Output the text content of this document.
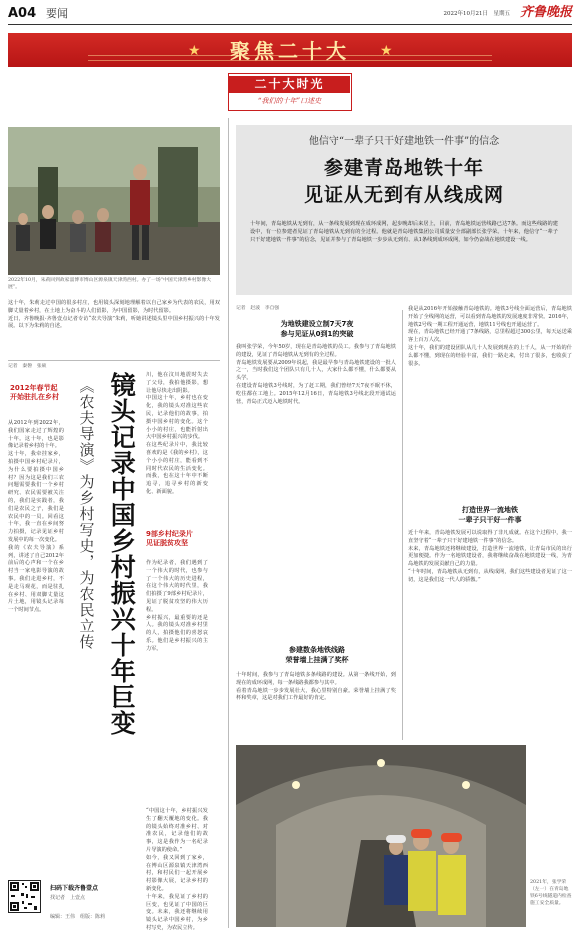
A04 要闻	2022年10月21日　星期五 齐鲁晚报
★	聚焦二十大	★
二十大时光
“我们的十年”口述史
2022年10月，朱莉回到故家淄博市博山区源泉镇天津湾西村。办了一场“中国天津湾乡村影像大展”。
这十年，朱莉走过中国的很多村庄，也用镜头深刻地理解着以自己家乡为代表的农民，用双脚丈量着乡村，在土地上为奋斗的人们留影，为中国留影，为时代留影。
近日，齐鲁晚报·齐鲁壹点记者专访“农夫导演”朱莉，听她讲述镜头里中国乡村振兴的十年发展。以下为朱莉的自述。
记者　秦磐　张硕
2012年春节起
开始驻扎在乡村
从2012年到2022年，我们国家走过了辉煌的十年。这十年，也是影像记录着乡村的十年。
这十年，我牵挂家乡，拍摄中国乡村纪录片，为什么要拍摄中国乡村？因为这是我们三农问题需要我们一个乡村研究、农民需要被关注的，我们是实践者，我们是农民之子，我们是农民中的一员。回看这十年，我一直在乡间努力拍摄，记录见证乡村发展中的每一次变化。
我的《农夫导演》系列，讲述了自己2012年前后的心声和一个在乡村当一家电影导演的故事。我们走进乡村，不是走马观花，而是驻扎在乡村、用双脚丈量这片土地，用镜头记录每一个时间节点。	镜头记录中国乡村振兴十年巨变
《农夫导演》为乡村写史，为农民立传
川，他在汶川地震时失去了父母，我拍他摄影，想让他尽快走出阴影。
中国这十年，乡村也在变化，我的镜头对准这些农民，记录他们的故事，拍摄中国乡村的变化。这个小小的村庄，也能折射出大中国乡村振兴的步伐。
在这些纪录片中，我比较喜欢的是《我的乡村》，这个小小的村庄，能看到不同时代农民的生活变化。而我，也在这十年中不断追寻，追寻乡村的新变化、新面貌。
9部乡村纪录片
见证脱贫攻坚
作为纪录者，我们遇到了一个伟大的时代，也参与了一个伟大的历史进程，在这个伟大的时代里，我们拍摄了9部乡村纪录片，见证了脱贫攻坚的伟大历程。
乡村振兴，最重要的还是人。我的镜头对准乡村里的人，拍摄他们的喜怒哀乐。他们是乡村振兴的主力军。
“中国这十年，乡村振兴发生了翻天覆地的变化。我的镜头始终对准乡村、对准农民，记录他们的故事，这是我作为一名纪录片导演的使命。”
如今，我又回到了家乡，在博山区源泉镇天津湾西村，和村民们一起开展乡村影像大展，记录乡村的新变化。
十年来，我见证了乡村的巨变，也见证了中国的巨变。未来，我还将继续用镜头记录中国乡村，为乡村写史，为农民立传。
扫码下载齐鲁壹点
找记者　上壹点
编辑：王伟　组版：陈莉
他信守“一辈子只干好建地铁一件事”的信念
参建青岛地铁十年
见证从无到有从线成网
十年间，青岛地铁从无到有，从一条线发展到现在成环成网，起步晚却后来居上，目前，青岛地铁运营线路已达7条。而这些线路的建设中，有一位参建者见证了青岛地铁从无到有的全过程。他就是青岛地铁集团公司质量安全部副部长张学荣。十年来，他信守“一辈子只干好建地铁一件事”的信念，见证并参与了青岛地铁一步步从无到有、从1条线到成环成网，如今仍奋战在地铁建设一线。
记者　赵波　李自强
为地铁建设立制7天7夜
参与见证从0到1的突破
我叫张学荣，今年50岁，现在是青岛地铁的员工。我参与了青岛地铁的建设，见证了青岛地铁从无到有的全过程。
青岛地铁发展要从2009年说起，我是最早参与青岛地铁建设的一批人之一，当时我们这个团队只有几十人，大家什么都不懂，什么都要从头学。
在建设青岛地铁3号线时，为了赶工期，我们曾经7天7夜不眠不休，吃住都在工地上。2015年12月16日，青岛地铁3号线北段开通试运营，青岛正式迈入地铁时代。
参建数条地铁线路
荣誉墙上挂满了奖杯
十年时间，我参与了青岛地铁多条线路的建设。从第一条线开始，到现在的成环成网，每一条线路我都参与其中。
看着青岛地铁一步步发展壮大，我心里特别自豪。荣誉墙上挂满了奖杯和奖章，这是对我们工作最好的肯定。
我是从2016年开始接触青岛地铁的。地铁3号线全面运营后，青岛地铁开始了全线网的运营，可以看到青岛地铁的发展速度非常快。2016年，地铁2号线一期工程开通运营，地铁11号线也开通运营了。
现在，青岛地铁已经开通了7条线路，总里程超过300公里，每天运送乘客上百万人次。
这十年，我们的建设团队从几十人发展到现在的上千人，从一开始的什么都不懂，到现在的经验丰富，我们一路走来，付出了很多，也收获了很多。
打造世界一流地铁
一辈子只干好一件事
近十年来，青岛地铁发展可以说取得了非凡成就。在这个过程中，我一直坚守着“一辈子只干好建地铁一件事”的信念。
未来，青岛地铁还将继续建设，打造世界一流地铁，让青岛市民的出行更加便捷。作为一名地铁建设者，我将继续奋战在地铁建设一线，为青岛地铁的发展贡献自己的力量。
“十年时间，青岛地铁从无到有，从线成网，我们这些建设者见证了这一切，这是我们这一代人的骄傲。”
2021年，张学荣（左一）在青岛地铁6号线隧道内检查施工安全质量。
